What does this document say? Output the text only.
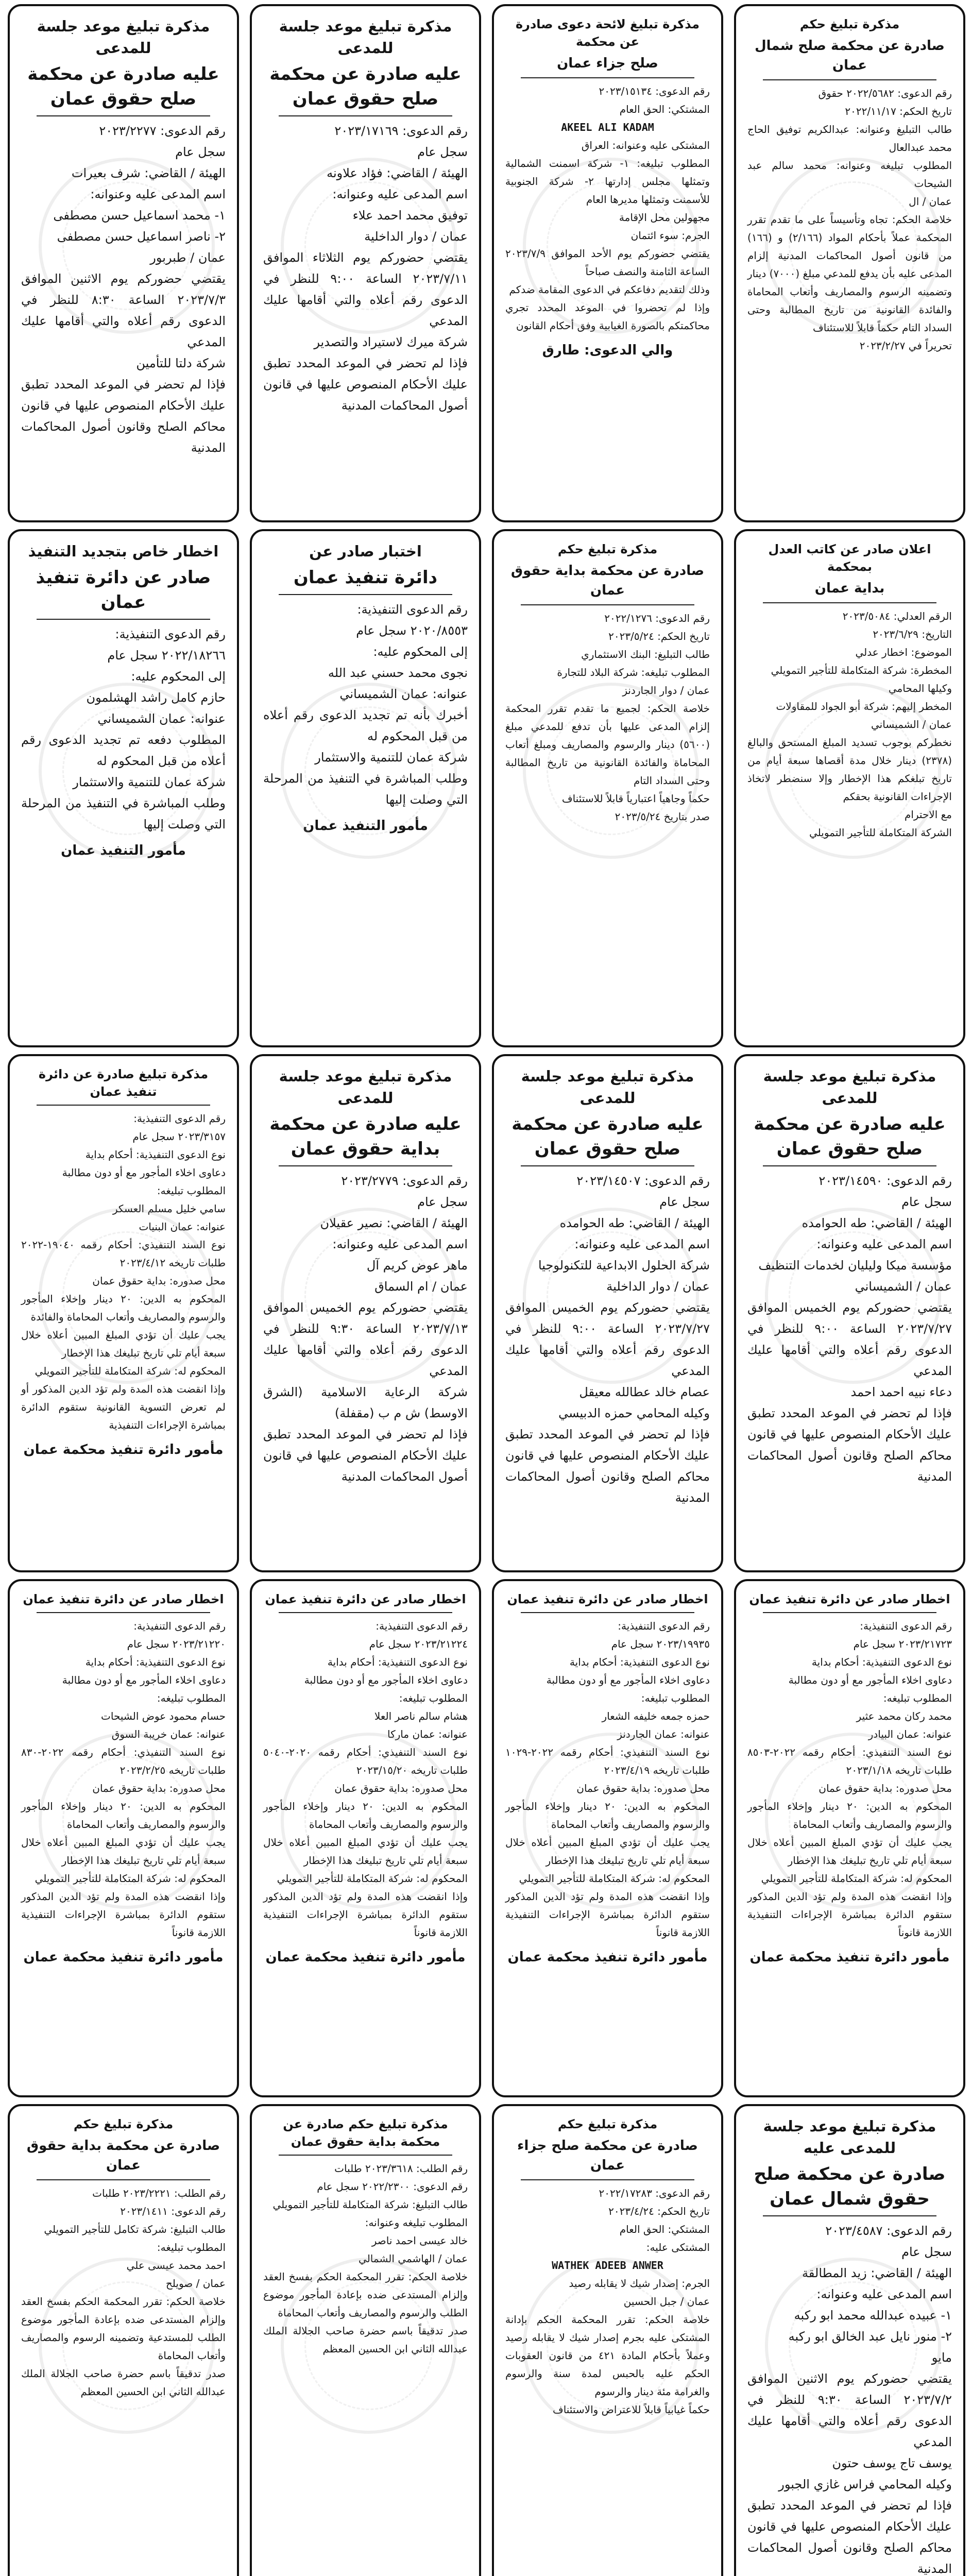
مذكرة تبليغ حكم
صادرة عن محكمة صلح شمال عمان

رقم الدعوى: ٢٠٢٢/٥٦٨٢ حقوق

تاريخ الحكم: ٢٠٢٢/١١/١٧

طالب التبليغ وعنوانه: عبدالكريم توفيق الحاج محمد عبدالعال

المطلوب تبليغه وعنوانه: محمد سالم عبد الشيحات

عمان / ال

خلاصة الحكم: تجاه وتأسيساً على ما تقدم تقرر المحكمة عملاً بأحكام المواد (٢/١٦٦) و (١٦٦) من قانون أصول المحاكمات المدنية إلزام المدعى عليه بأن يدفع للمدعي مبلغ (٧٠٠٠) دينار وتضمينه الرسوم والمصاريف وأتعاب المحاماة والفائدة القانونية من تاريخ المطالبة وحتى السداد التام حكماً قابلاً للاستئناف

تحريراً في ٢٠٢٣/٢/٢٧

مذكرة تبليغ لائحة دعوى صادرة عن محكمة
صلح جزاء عمان

رقم الدعوى: ٢٠٢٣/١٥١٣٤

المشتكي: الحق العام

AKEEL ALI KADAM

المشتكى عليه وعنوانه: العراق

المطلوب تبليغه: ١- شركة اسمنت الشمالية وتمثلها مجلس إدارتها ٢- شركة الجنوبية للأسمنت وتمثلها مديرها العام

مجهولين محل الإقامة

الجرم: سوء ائتمان

يقتضي حضوركم يوم الأحد الموافق ٢٠٢٣/٧/٩ الساعة الثامنة والنصف صباحاً

وذلك لتقديم دفاعكم في الدعوى المقامة ضدكم

وإذا لم تحضروا في الموعد المحدد تجري محاكمتكم بالصورة الغيابية وفق أحكام القانون

والي الدعوى: طارق
مذكرة تبليغ موعد جلسة للمدعى
عليه صادرة عن محكمة صلح حقوق عمان

رقم الدعوى: ٢٠٢٣/١٧١٦٩

سجل عام

الهيئة / القاضي: فؤاد علاونه

اسم المدعى عليه وعنوانه:

توفيق محمد احمد علاء

عمان / دوار الداخلية

يقتضي حضوركم يوم الثلاثاء الموافق ٢٠٢٣/٧/١١ الساعة ٩:٠٠ للنظر في الدعوى رقم أعلاه والتي أقامها عليك المدعي

شركة ميرك لاستيراد والتصدير

فإذا لم تحضر في الموعد المحدد تطبق عليك الأحكام المنصوص عليها في قانون أصول المحاكمات المدنية

مذكرة تبليغ موعد جلسة للمدعى
عليه صادرة عن محكمة صلح حقوق عمان

رقم الدعوى: ٢٠٢٣/٢٢٧٧

سجل عام

الهيئة / القاضي: شرف بعيرات

اسم المدعى عليه وعنوانه:

١- محمد اسماعيل حسن مصطفى

٢- ناصر اسماعيل حسن مصطفى

عمان / طبربور

يقتضي حضوركم يوم الاثنين الموافق ٢٠٢٣/٧/٣ الساعة ٨:٣٠ للنظر في الدعوى رقم أعلاه والتي أقامها عليك المدعي

شركة دلتا للتأمين

فإذا لم تحضر في الموعد المحدد تطبق عليك الأحكام المنصوص عليها في قانون محاكم الصلح وقانون أصول المحاكمات المدنية

اعلان صادر عن كاتب العدل بمحكمة
بداية عمان

الرقم العدلي: ٢٠٢٣/٥٠٨٤

التاريخ: ٢٠٢٣/٦/٢٩

الموضوع: اخطار عدلي

المخطرة: شركة المتكاملة للتأجير التمويلي

وكيلها المحامي

المخطر إليهم: شركة أبو الجواد للمقاولات

عمان / الشميساني

نخطركم بوجوب تسديد المبلغ المستحق والبالغ (٢٣٧٨) دينار خلال مدة أقصاها سبعة أيام من تاريخ تبلغكم هذا الإخطار وإلا سنضطر لاتخاذ الإجراءات القانونية بحقكم

مع الاحترام

الشركة المتكاملة للتأجير التمويلي

مذكرة تبليغ حكم
صادرة عن محكمة بداية حقوق عمان

رقم الدعوى: ٢٠٢٢/١٢٧٦

تاريخ الحكم: ٢٠٢٣/٥/٢٤

طالب التبليغ: البنك الاستثماري

المطلوب تبليغه: شركة البلاد للتجارة

عمان / دوار الجاردنز

خلاصة الحكم: لجميع ما تقدم تقرر المحكمة إلزام المدعى عليها بأن تدفع للمدعي مبلغ (٥٦٠٠) دينار والرسوم والمصاريف ومبلغ أتعاب المحاماة والفائدة القانونية من تاريخ المطالبة وحتى السداد التام

حكماً وجاهياً اعتبارياً قابلاً للاستئناف

صدر بتاريخ ٢٠٢٣/٥/٢٤

اختبار صادر عن
دائرة تنفيذ عمان

رقم الدعوى التنفيذية:

٢٠٢٠/٨٥٥٣ سجل عام

إلى المحكوم عليه:

نجوى محمد حسني عبد الله

عنوانه: عمان الشميساني

أخبرك بأنه تم تجديد الدعوى رقم أعلاه من قبل المحكوم له

شركة عمان للتنمية والاستثمار

وطلب المباشرة في التنفيذ من المرحلة التي وصلت إليها

مأمور التنفيذ عمان
اخطار خاص بتجديد التنفيذ
صادر عن دائرة تنفيذ عمان

رقم الدعوى التنفيذية:

٢٠٢٢/١٨٢٦٦ سجل عام

إلى المحكوم عليه:

حازم كامل راشد الهشلمون

عنوانه: عمان الشميساني

المطلوب دفعه تم تجديد الدعوى رقم أعلاه من قبل المحكوم له

شركة عمان للتنمية والاستثمار

وطلب المباشرة في التنفيذ من المرحلة التي وصلت إليها

مأمور التنفيذ عمان
مذكرة تبليغ موعد جلسة للمدعى
عليه صادرة عن محكمة صلح حقوق عمان

رقم الدعوى: ٢٠٢٣/١٤٥٩٠

سجل عام

الهيئة / القاضي: طه الحوامده

اسم المدعى عليه وعنوانه:

مؤسسة ميكا وليليان لخدمات التنظيف

عمان / الشميساني

يقتضي حضوركم يوم الخميس الموافق ٢٠٢٣/٧/٢٧ الساعة ٩:٠٠ للنظر في الدعوى رقم أعلاه والتي أقامها عليك المدعي

دعاء نبيه احمد احمد

فإذا لم تحضر في الموعد المحدد تطبق عليك الأحكام المنصوص عليها في قانون محاكم الصلح وقانون أصول المحاكمات المدنية

مذكرة تبليغ موعد جلسة للمدعى
عليه صادرة عن محكمة صلح حقوق عمان

رقم الدعوى: ٢٠٢٣/١٤٥٠٧

سجل عام

الهيئة / القاضي: طه الحوامده

اسم المدعى عليه وعنوانه:

شركة الحلول الابداعية للتكنولوجيا

عمان / دوار الداخلية

يقتضي حضوركم يوم الخميس الموافق ٢٠٢٣/٧/٢٧ الساعة ٩:٠٠ للنظر في الدعوى رقم أعلاه والتي أقامها عليك المدعي

عصام خالد عطالله معيقل

وكيله المحامي حمزه الدبيسي

فإذا لم تحضر في الموعد المحدد تطبق عليك الأحكام المنصوص عليها في قانون محاكم الصلح وقانون أصول المحاكمات المدنية

مذكرة تبليغ موعد جلسة للمدعى
عليه صادرة عن محكمة بداية حقوق عمان

رقم الدعوى: ٢٠٢٣/٢٧٧٩

سجل عام

الهيئة / القاضي: نصير عقيلان

اسم المدعى عليه وعنوانه:

ماهر عوض كريم آل

عمان / ام السماق

يقتضي حضوركم يوم الخميس الموافق ٢٠٢٣/٧/١٣ الساعة ٩:٣٠ للنظر في الدعوى رقم أعلاه والتي أقامها عليك المدعي

شركة الرعاية الاسلامية (الشرق الاوسط) ش م ب (مقفلة)

فإذا لم تحضر في الموعد المحدد تطبق عليك الأحكام المنصوص عليها في قانون أصول المحاكمات المدنية

مذكرة تبليغ صادرة عن دائرة تنفيذ عمان

رقم الدعوى التنفيذية:

٢٠٢٣/٣١٥٧ سجل عام

نوع الدعوى التنفيذية: أحكام بداية

دعاوى اخلاء المأجور مع أو دون مطالبة

المطلوب تبليغه:

سامي خليل مسلم العسكر

عنوانه: عمان البنيات

نوع السند التنفيذي: أحكام رقمه ١٩٠٤٠-٢٠٢٢ طلبات تاريخه ٢٠٢٣/٤/١٢

محل صدوره: بداية حقوق عمان

المحكوم به الدين: ٢٠ دينار وإخلاء المأجور والرسوم والمصاريف وأتعاب المحاماة والفائدة

يجب عليك أن تؤدي المبلغ المبين أعلاه خلال سبعة أيام تلي تاريخ تبليغك هذا الإخطار

المحكوم له: شركة المتكاملة للتأجير التمويلي

وإذا انقضت هذه المدة ولم تؤد الدين المذكور أو لم تعرض التسوية القانونية ستقوم الدائرة بمباشرة الإجراءات التنفيذية

مأمور دائرة تنفيذ محكمة عمان
اخطار صادر عن دائرة تنفيذ عمان

رقم الدعوى التنفيذية:

٢٠٢٣/٢١٧٢٣ سجل عام

نوع الدعوى التنفيذية: أحكام بداية

دعاوى اخلاء المأجور مع أو دون مطالبة

المطلوب تبليغه:

محمد ركان محمد عثير

عنوانه: عمان البيادر

نوع السند التنفيذي: أحكام رقمه ٢٠٢٢-٨٥٠٣ طلبات تاريخه ٢٠٢٣/١/١٨

محل صدوره: بداية حقوق عمان

المحكوم به الدين: ٢٠ دينار وإخلاء المأجور والرسوم والمصاريف وأتعاب المحاماة

يجب عليك أن تؤدي المبلغ المبين أعلاه خلال سبعة أيام تلي تاريخ تبليغك هذا الإخطار

المحكوم له: شركة المتكاملة للتأجير التمويلي

وإذا انقضت هذه المدة ولم تؤد الدين المذكور ستقوم الدائرة بمباشرة الإجراءات التنفيذية اللازمة قانوناً

مأمور دائرة تنفيذ محكمة عمان
اخطار صادر عن دائرة تنفيذ عمان

رقم الدعوى التنفيذية:

٢٠٢٣/١٩٩٣٥ سجل عام

نوع الدعوى التنفيذية: أحكام بداية

دعاوى اخلاء المأجور مع أو دون مطالبة

المطلوب تبليغه:

حمزه جمعه خليفه الشعار

عنوانه: عمان الجاردنز

نوع السند التنفيذي: أحكام رقمه ٢٠٢٢-١٠٢٩ طلبات تاريخه ٢٠٢٣/٤/١٩

محل صدوره: بداية حقوق عمان

المحكوم به الدين: ٢٠ دينار وإخلاء المأجور والرسوم والمصاريف وأتعاب المحاماة

يجب عليك أن تؤدي المبلغ المبين أعلاه خلال سبعة أيام تلي تاريخ تبليغك هذا الإخطار

المحكوم له: شركة المتكاملة للتأجير التمويلي

وإذا انقضت هذه المدة ولم تؤد الدين المذكور ستقوم الدائرة بمباشرة الإجراءات التنفيذية اللازمة قانوناً

مأمور دائرة تنفيذ محكمة عمان
اخطار صادر عن دائرة تنفيذ عمان

رقم الدعوى التنفيذية:

٢٠٢٣/٢١٢٢٤ سجل عام

نوع الدعوى التنفيذية: أحكام بداية

دعاوى اخلاء المأجور مع أو دون مطالبة

المطلوب تبليغه:

هشام سالم ناصر العلا

عنوانه: عمان ماركا

نوع السند التنفيذي: أحكام رقمه ٢٠٢٠-٥٠٤٠ طلبات تاريخه ٢٠٢٣/١٥/٢٠

محل صدوره: بداية حقوق عمان

المحكوم به الدين: ٢٠ دينار وإخلاء المأجور والرسوم والمصاريف وأتعاب المحاماة

يجب عليك أن تؤدي المبلغ المبين أعلاه خلال سبعة أيام تلي تاريخ تبليغك هذا الإخطار

المحكوم له: شركة المتكاملة للتأجير التمويلي

وإذا انقضت هذه المدة ولم تؤد الدين المذكور ستقوم الدائرة بمباشرة الإجراءات التنفيذية اللازمة قانوناً

مأمور دائرة تنفيذ محكمة عمان
اخطار صادر عن دائرة تنفيذ عمان

رقم الدعوى التنفيذية:

٢٠٢٣/٢١٢٢٠ سجل عام

نوع الدعوى التنفيذية: أحكام بداية

دعاوى اخلاء المأجور مع أو دون مطالبة

المطلوب تبليغه:

حسام محمود عوض الشيحات

عنوانه: عمان خريبة السوق

نوع السند التنفيذي: أحكام رقمه ٢٠٢٢-٨٣٠ طلبات تاريخه ٢٠٢٣/٢/٢٥

محل صدوره: بداية حقوق عمان

المحكوم به الدين: ٢٠ دينار وإخلاء المأجور والرسوم والمصاريف وأتعاب المحاماة

يجب عليك أن تؤدي المبلغ المبين أعلاه خلال سبعة أيام تلي تاريخ تبليغك هذا الإخطار

المحكوم له: شركة المتكاملة للتأجير التمويلي

وإذا انقضت هذه المدة ولم تؤد الدين المذكور ستقوم الدائرة بمباشرة الإجراءات التنفيذية اللازمة قانوناً

مأمور دائرة تنفيذ محكمة عمان
مذكرة تبليغ موعد جلسة للمدعى عليه
صادرة عن محكمة صلح حقوق شمال عمان

رقم الدعوى: ٢٠٢٣/٤٥٨٧

سجل عام

الهيئة / القاضي: زيد المطالقة

اسم المدعى عليه وعنوانه:

١- عبيده عبدالله محمد ابو ركبه

٢- منور نايل عبد الخالق ابو ركبه

مايو

يقتضي حضوركم يوم الاثنين الموافق ٢٠٢٣/٧/٢ الساعة ٩:٣٠ للنظر في الدعوى رقم أعلاه والتي أقامها عليك المدعي

يوسف تاج يوسف حتون

وكيله المحامي فراس غازي الجبور

فإذا لم تحضر في الموعد المحدد تطبق عليك الأحكام المنصوص عليها في قانون محاكم الصلح وقانون أصول المحاكمات المدنية

مذكرة تبليغ حكم
صادرة عن محكمة صلح جزاء عمان

رقم الدعوى: ٢٠٢٢/١٧٢٨٣

تاريخ الحكم: ٢٠٢٣/٤/٢٤

المشتكي: الحق العام

المشتكى عليه:

WATHEK ADEEB ANWER

الجرم: إصدار شيك لا يقابله رصيد

عمان / جبل الحسين

خلاصة الحكم: تقرر المحكمة الحكم بإدانة المشتكى عليه بجرم إصدار شيك لا يقابله رصيد وعملاً بأحكام المادة ٤٢١ من قانون العقوبات الحكم عليه بالحبس لمدة سنة والرسوم والغرامة مئة دينار والرسوم

حكماً غيابياً قابلاً للاعتراض والاستئناف

مذكرة تبليغ حكم صادرة عن محكمة بداية حقوق عمان

رقم الطلب: ٢٠٢٣/٣٦١٨ طلبات

رقم الدعوى: ٢٠٢٢/٢٣٠٠ سجل عام

طالب التبليغ: شركة المتكاملة للتأجير التمويلي

المطلوب تبليغه وعنوانه:

خالد عيسى احمد ناصر

عمان / الهاشمي الشمالي

خلاصة الحكم: تقرر المحكمة الحكم بفسخ العقد وإلزام المستدعى ضده بإعادة المأجور موضوع الطلب والرسوم والمصاريف وأتعاب المحاماة

صدر تدقيقاً باسم حضرة صاحب الجلالة الملك عبدالله الثاني ابن الحسين المعظم

مذكرة تبليغ حكم
صادرة عن محكمة بداية حقوق عمان

رقم الطلب: ٢٠٢٣/٢٢٢١ طلبات

رقم الدعوى: ٢٠٢٣/١٤١١

طالب التبليغ: شركة تكامل للتأجير التمويلي

المطلوب تبليغه:

احمد محمد عيسى علي

عمان / صويلح

خلاصة الحكم: تقرر المحكمة الحكم بفسخ العقد وإلزام المستدعى ضده بإعادة المأجور موضوع الطلب للمستدعية وتضمينه الرسوم والمصاريف وأتعاب المحاماة

صدر تدقيقاً باسم حضرة صاحب الجلالة الملك عبدالله الثاني ابن الحسين المعظم
